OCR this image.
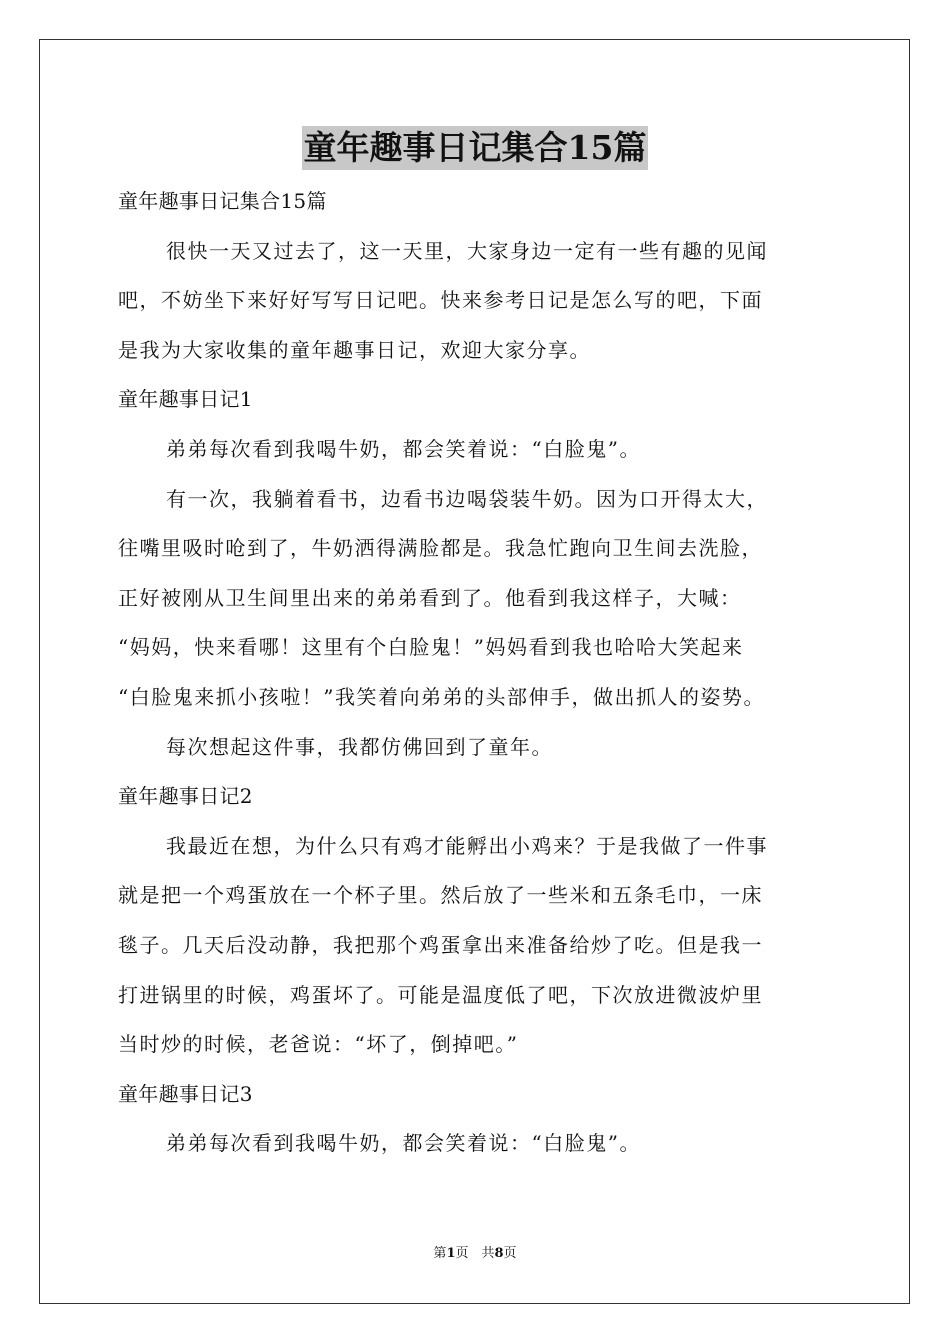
童年趣事日记集合15篇
童年趣事日记集合15篇
很快一天又过去了，这一天里，大家身边一定有一些有趣的见闻
吧，不妨坐下来好好写写日记吧。快来参考日记是怎么写的吧，下面
是我为大家收集的童年趣事日记，欢迎大家分享。
童年趣事日记1
弟弟每次看到我喝牛奶，都会笑着说：“白脸鬼”。
有一次，我躺着看书，边看书边喝袋装牛奶。因为口开得太大，
往嘴里吸时呛到了，牛奶洒得满脸都是。我急忙跑向卫生间去洗脸，
正好被刚从卫生间里出来的弟弟看到了。他看到我这样子，大喊：
“妈妈，快来看哪！这里有个白脸鬼！”妈妈看到我也哈哈大笑起来
“白脸鬼来抓小孩啦！”我笑着向弟弟的头部伸手，做出抓人的姿势。
每次想起这件事，我都仿佛回到了童年。
童年趣事日记2
我最近在想，为什么只有鸡才能孵出小鸡来？于是我做了一件事
就是把一个鸡蛋放在一个杯子里。然后放了一些米和五条毛巾，一床
毯子。几天后没动静，我把那个鸡蛋拿出来准备给炒了吃。但是我一
打进锅里的时候，鸡蛋坏了。可能是温度低了吧，下次放进微波炉里
当时炒的时候，老爸说：“坏了，倒掉吧。”
童年趣事日记3
弟弟每次看到我喝牛奶，都会笑着说：“白脸鬼”。
第1页　共8页
